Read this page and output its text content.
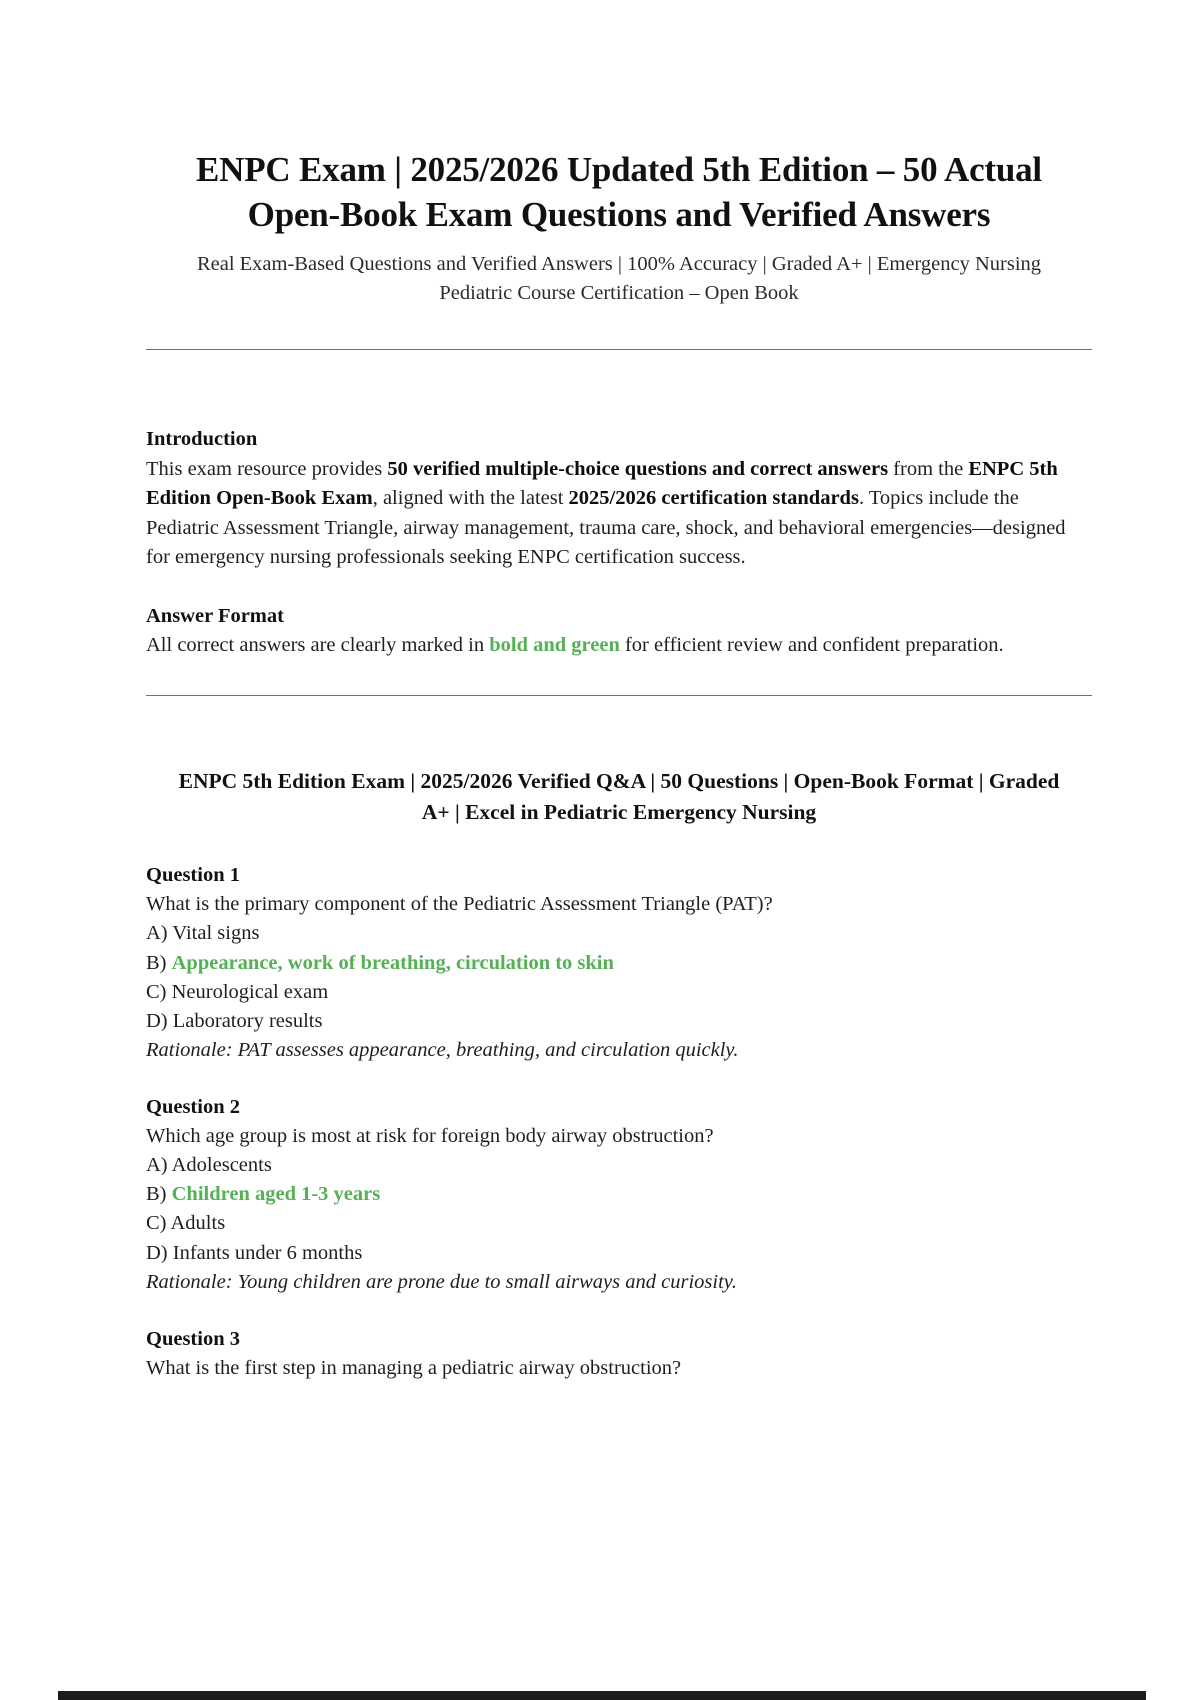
ENPC Exam | 2025/2026 Updated 5th Edition – 50 Actual Open-Book Exam Questions and Verified Answers
Real Exam-Based Questions and Verified Answers | 100% Accuracy | Graded A+ | Emergency Nursing Pediatric Course Certification – Open Book
Introduction

This exam resource provides 50 verified multiple-choice questions and correct answers from the ENPC 5th Edition Open-Book Exam, aligned with the latest 2025/2026 certification standards. Topics include the Pediatric Assessment Triangle, airway management, trauma care, shock, and behavioral emergencies—designed for emergency nursing professionals seeking ENPC certification success.

Answer Format

All correct answers are clearly marked in bold and green for efficient review and confident preparation.

ENPC 5th Edition Exam | 2025/2026 Verified Q&A | 50 Questions | Open-Book Format | Graded A+ | Excel in Pediatric Emergency Nursing
Question 1
What is the primary component of the Pediatric Assessment Triangle (PAT)?
A) Vital signs
B) Appearance, work of breathing, circulation to skin
C) Neurological exam
D) Laboratory results
Rationale: PAT assesses appearance, breathing, and circulation quickly.
Question 2
Which age group is most at risk for foreign body airway obstruction?
A) Adolescents
B) Children aged 1-3 years
C) Adults
D) Infants under 6 months
Rationale: Young children are prone due to small airways and curiosity.
Question 3
What is the first step in managing a pediatric airway obstruction?
